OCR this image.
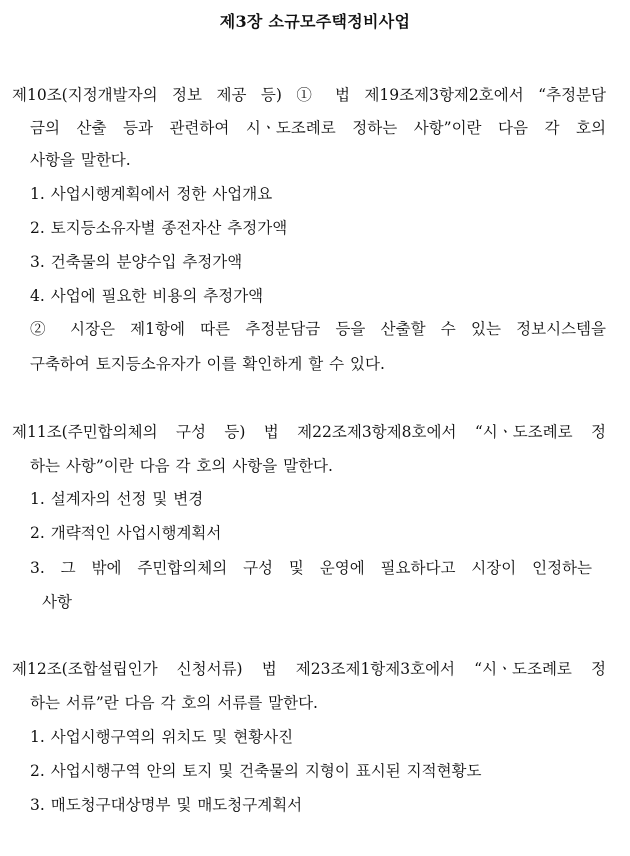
제3장 소규모주택정비사업
제10조(지정개발자의 정보 제공 등) ① 법 제19조제3항제2호에서 “추정분담
금의 산출 등과 관련하여 시ㆍ도조례로 정하는 사항”이란 다음 각 호의
사항을 말한다.
1. 사업시행계획에서 정한 사업개요
2. 토지등소유자별 종전자산 추정가액
3. 건축물의 분양수입 추정가액
4. 사업에 필요한 비용의 추정가액
② 시장은 제1항에 따른 추정분담금 등을 산출할 수 있는 정보시스템을
구축하여 토지등소유자가 이를 확인하게 할 수 있다.
제11조(주민합의체의 구성 등) 법 제22조제3항제8호에서 “시ㆍ도조례로 정
하는 사항”이란 다음 각 호의 사항을 말한다.
1. 설계자의 선정 및 변경
2. 개략적인 사업시행계획서
3. 그 밖에 주민합의체의 구성 및 운영에 필요하다고 시장이 인정하는
사항
제12조(조합설립인가 신청서류) 법 제23조제1항제3호에서 “시ㆍ도조례로 정
하는 서류”란 다음 각 호의 서류를 말한다.
1. 사업시행구역의 위치도 및 현황사진
2. 사업시행구역 안의 토지 및 건축물의 지형이 표시된 지적현황도
3. 매도청구대상명부 및 매도청구계획서
